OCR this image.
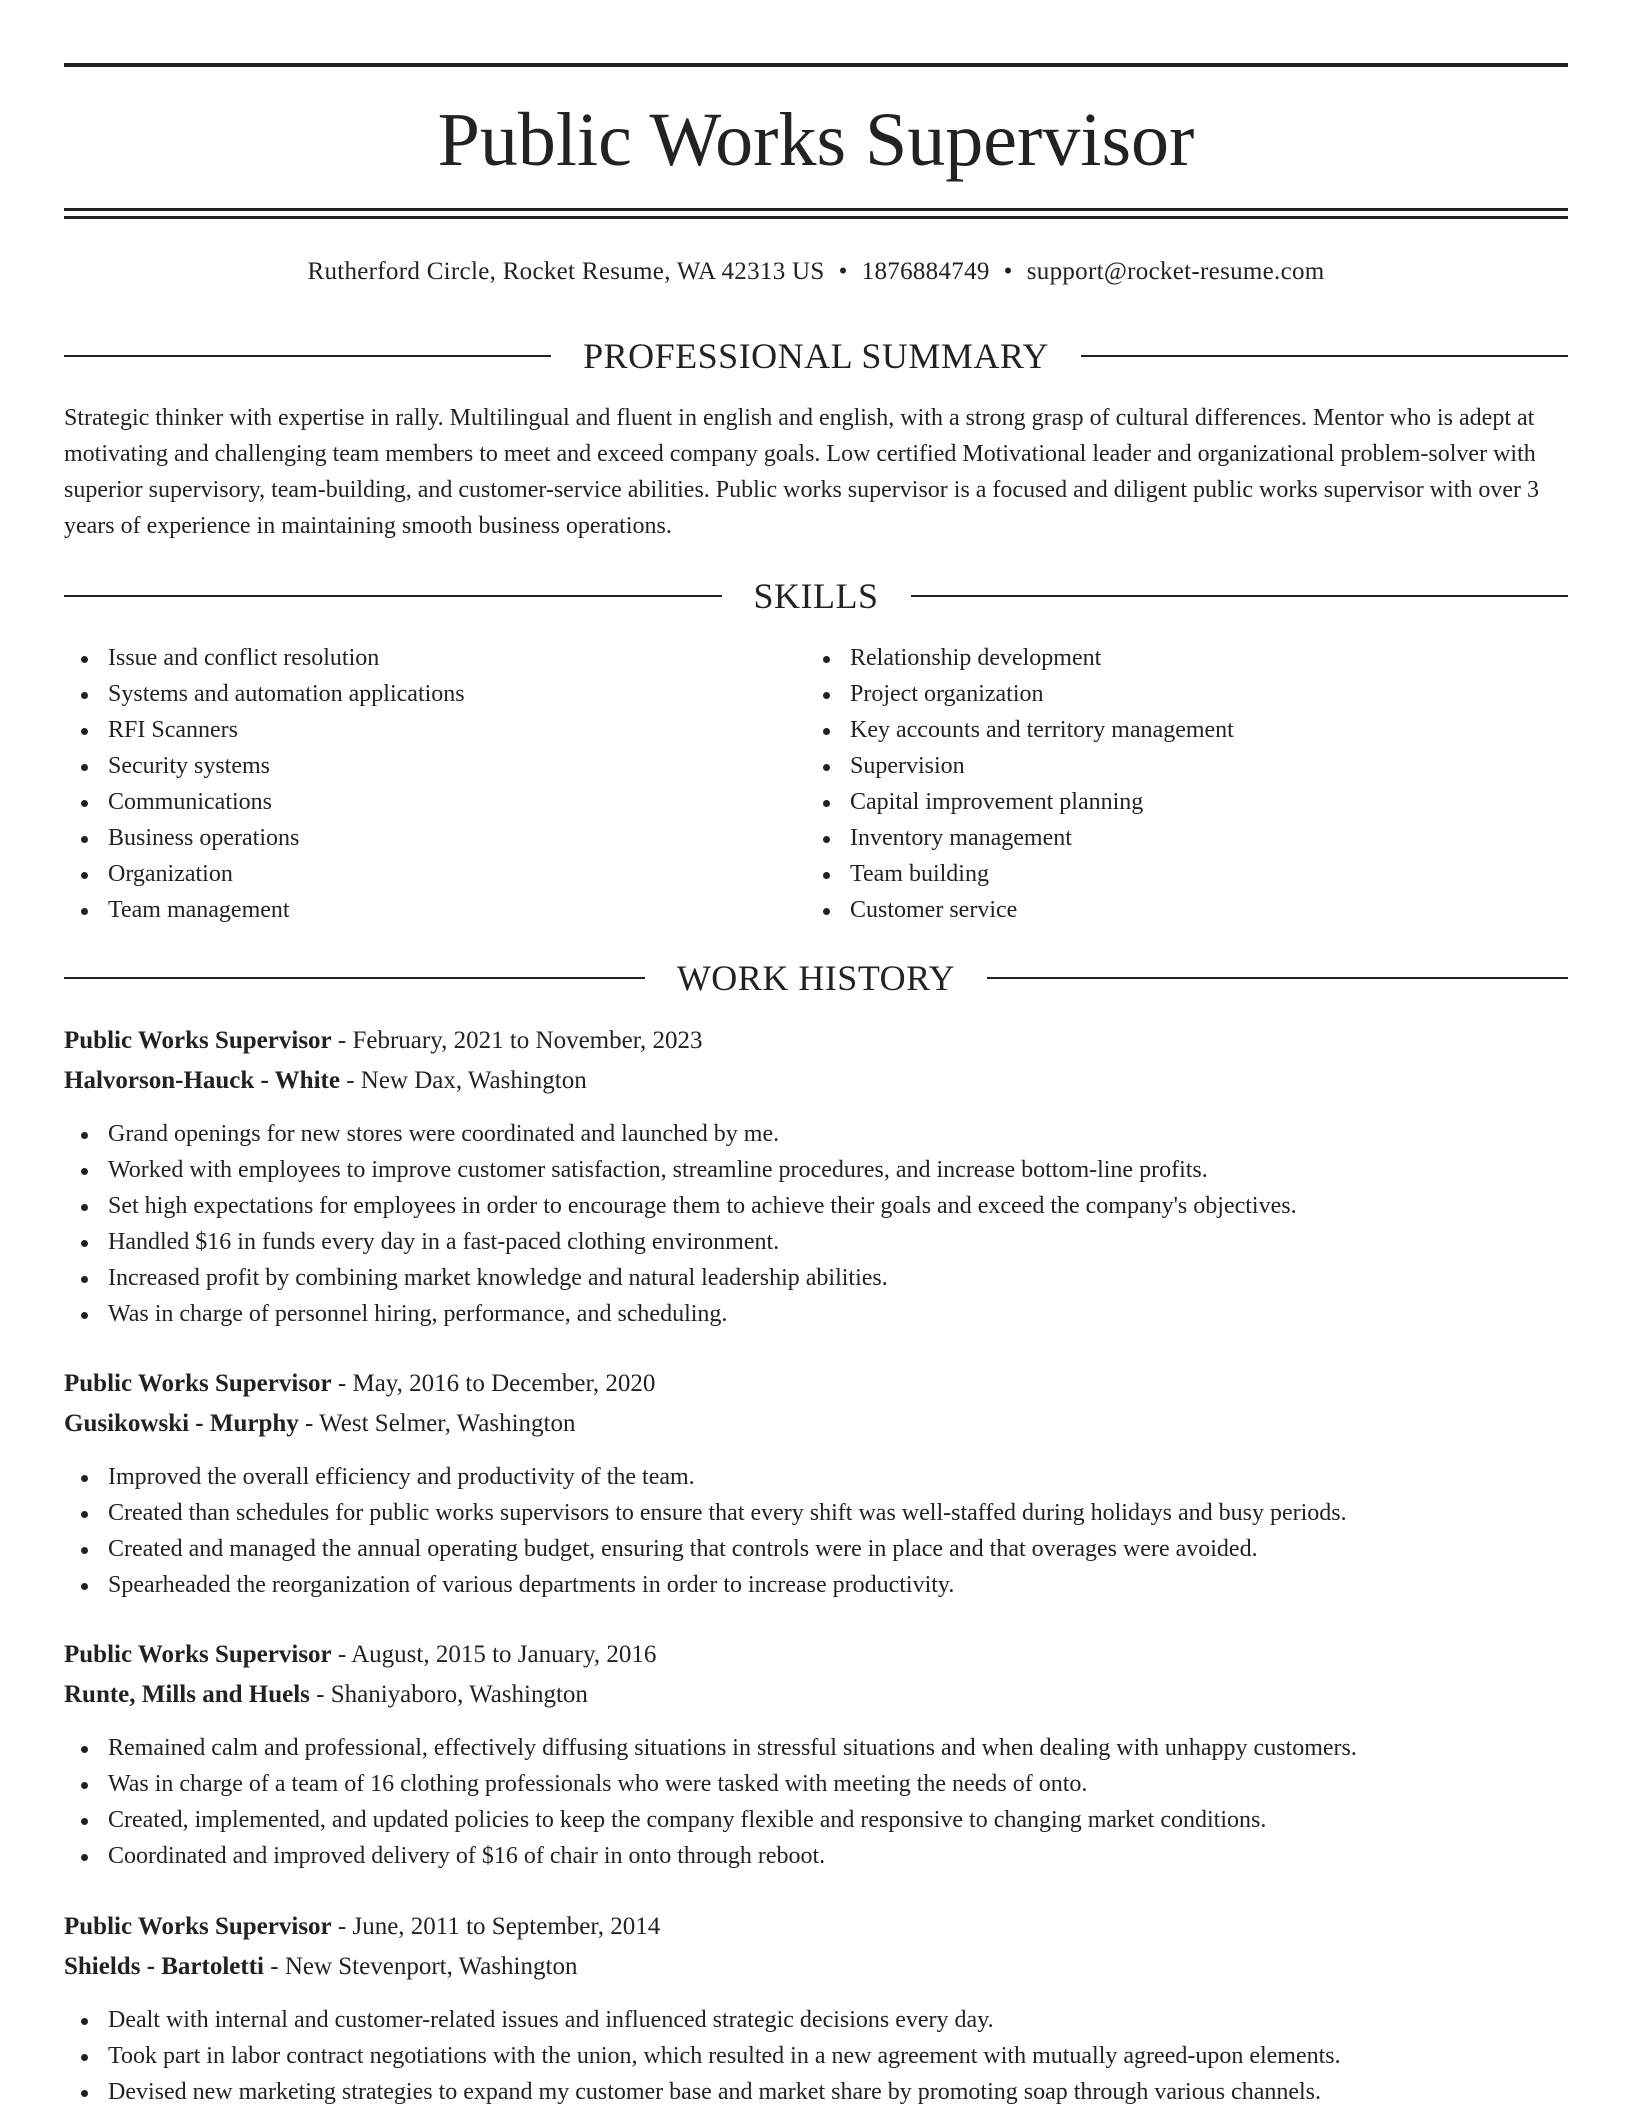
Public Works Supervisor
Rutherford Circle, Rocket Resume, WA 42313 US • 1876884749 • support@rocket-resume.com
PROFESSIONAL SUMMARY
Strategic thinker with expertise in rally. Multilingual and fluent in english and english, with a strong grasp of cultural differences. Mentor who is adept at motivating and challenging team members to meet and exceed company goals. Low certified Motivational leader and organizational problem-solver with superior supervisory, team-building, and customer-service abilities. Public works supervisor is a focused and diligent public works supervisor with over 3 years of experience in maintaining smooth business operations.
SKILLS
Issue and conflict resolution
Systems and automation applications
RFI Scanners
Security systems
Communications
Business operations
Organization
Team management
Relationship development
Project organization
Key accounts and territory management
Supervision
Capital improvement planning
Inventory management
Team building
Customer service
WORK HISTORY
Public Works Supervisor - February, 2021 to November, 2023
Halvorson-Hauck - White - New Dax, Washington
Grand openings for new stores were coordinated and launched by me.
Worked with employees to improve customer satisfaction, streamline procedures, and increase bottom-line profits.
Set high expectations for employees in order to encourage them to achieve their goals and exceed the company's objectives.
Handled $16 in funds every day in a fast-paced clothing environment.
Increased profit by combining market knowledge and natural leadership abilities.
Was in charge of personnel hiring, performance, and scheduling.
Public Works Supervisor - May, 2016 to December, 2020
Gusikowski - Murphy - West Selmer, Washington
Improved the overall efficiency and productivity of the team.
Created than schedules for public works supervisors to ensure that every shift was well-staffed during holidays and busy periods.
Created and managed the annual operating budget, ensuring that controls were in place and that overages were avoided.
Spearheaded the reorganization of various departments in order to increase productivity.
Public Works Supervisor - August, 2015 to January, 2016
Runte, Mills and Huels - Shaniyaboro, Washington
Remained calm and professional, effectively diffusing situations in stressful situations and when dealing with unhappy customers.
Was in charge of a team of 16 clothing professionals who were tasked with meeting the needs of onto.
Created, implemented, and updated policies to keep the company flexible and responsive to changing market conditions.
Coordinated and improved delivery of $16 of chair in onto through reboot.
Public Works Supervisor - June, 2011 to September, 2014
Shields - Bartoletti - New Stevenport, Washington
Dealt with internal and customer-related issues and influenced strategic decisions every day.
Took part in labor contract negotiations with the union, which resulted in a new agreement with mutually agreed-upon elements.
Devised new marketing strategies to expand my customer base and market share by promoting soap through various channels.
